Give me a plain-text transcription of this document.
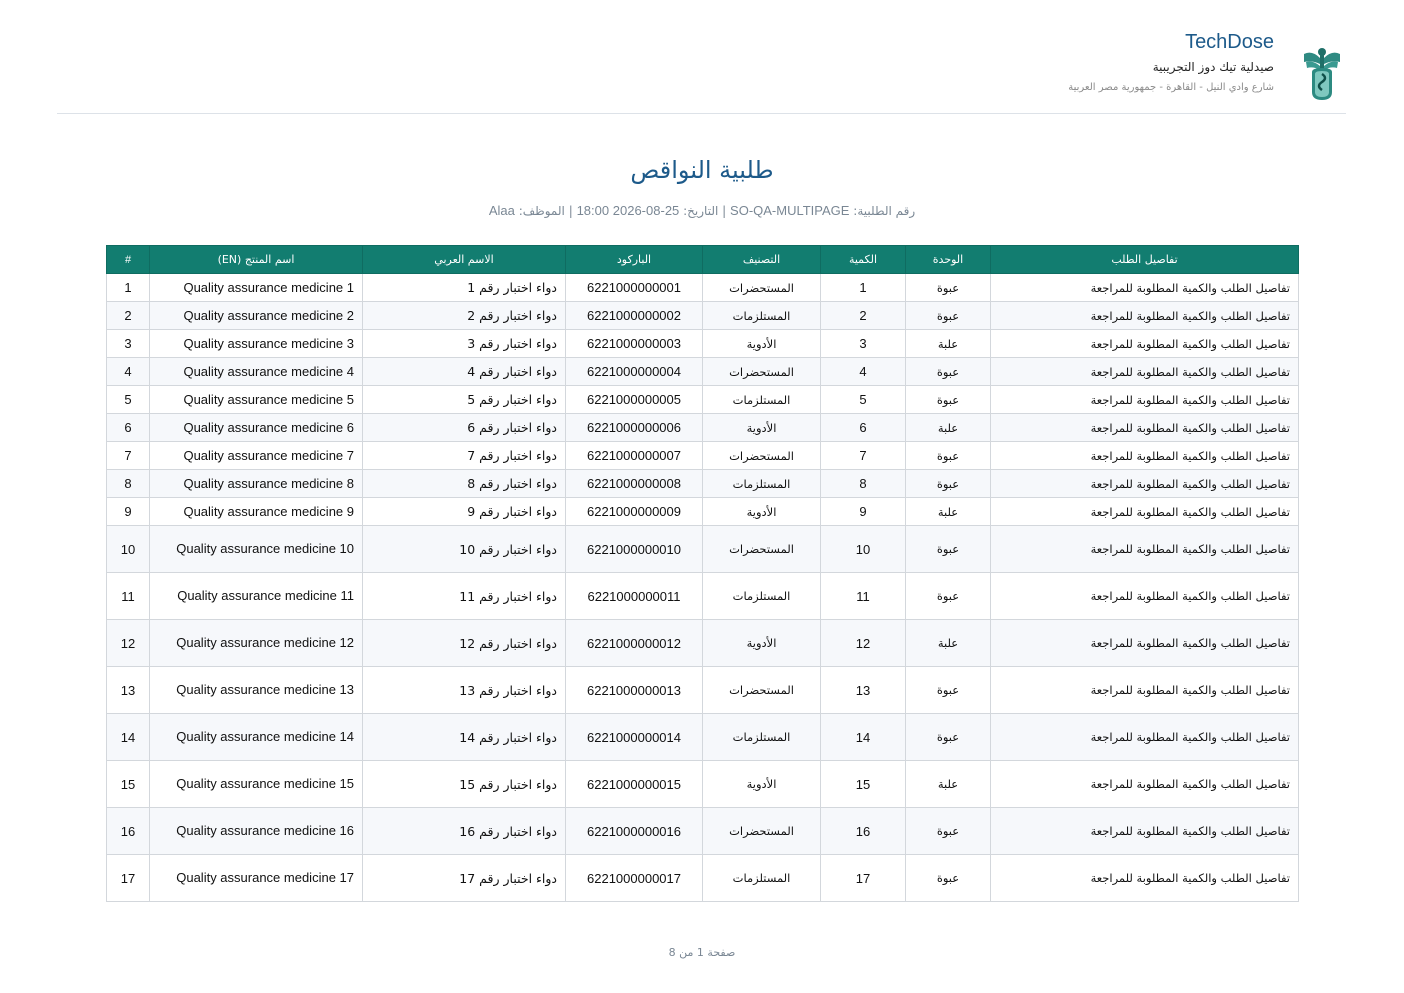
TechDose
صيدلية تيك دوز التجريبية
شارع وادي النيل - القاهرة - جمهورية مصر العربية
طلبية النواقص
رقم الطلبية: SO-QA-MULTIPAGE | التاريخ: 25-08-2026 18:00 | الموظف: Alaa
تفاصيل الطلب	الوحدة	الكمية	التصنيف	الباركود	الاسم العربي	اسم المنتج (EN)	#
تفاصيل الطلب والكمية المطلوبة للمراجعة	عبوة	1	المستحضرات	6221000000001	دواء اختبار رقم 1	Quality assurance medicine 1	1
تفاصيل الطلب والكمية المطلوبة للمراجعة	عبوة	2	المستلزمات	6221000000002	دواء اختبار رقم 2	Quality assurance medicine 2	2
تفاصيل الطلب والكمية المطلوبة للمراجعة	علبة	3	الأدوية	6221000000003	دواء اختبار رقم 3	Quality assurance medicine 3	3
تفاصيل الطلب والكمية المطلوبة للمراجعة	عبوة	4	المستحضرات	6221000000004	دواء اختبار رقم 4	Quality assurance medicine 4	4
تفاصيل الطلب والكمية المطلوبة للمراجعة	عبوة	5	المستلزمات	6221000000005	دواء اختبار رقم 5	Quality assurance medicine 5	5
تفاصيل الطلب والكمية المطلوبة للمراجعة	علبة	6	الأدوية	6221000000006	دواء اختبار رقم 6	Quality assurance medicine 6	6
تفاصيل الطلب والكمية المطلوبة للمراجعة	عبوة	7	المستحضرات	6221000000007	دواء اختبار رقم 7	Quality assurance medicine 7	7
تفاصيل الطلب والكمية المطلوبة للمراجعة	عبوة	8	المستلزمات	6221000000008	دواء اختبار رقم 8	Quality assurance medicine 8	8
تفاصيل الطلب والكمية المطلوبة للمراجعة	علبة	9	الأدوية	6221000000009	دواء اختبار رقم 9	Quality assurance medicine 9	9
تفاصيل الطلب والكمية المطلوبة للمراجعة	عبوة	10	المستحضرات	6221000000010	دواء اختبار رقم 10	Quality assurance medicine 10	10
تفاصيل الطلب والكمية المطلوبة للمراجعة	عبوة	11	المستلزمات	6221000000011	دواء اختبار رقم 11	Quality assurance medicine 11	11
تفاصيل الطلب والكمية المطلوبة للمراجعة	علبة	12	الأدوية	6221000000012	دواء اختبار رقم 12	Quality assurance medicine 12	12
تفاصيل الطلب والكمية المطلوبة للمراجعة	عبوة	13	المستحضرات	6221000000013	دواء اختبار رقم 13	Quality assurance medicine 13	13
تفاصيل الطلب والكمية المطلوبة للمراجعة	عبوة	14	المستلزمات	6221000000014	دواء اختبار رقم 14	Quality assurance medicine 14	14
تفاصيل الطلب والكمية المطلوبة للمراجعة	علبة	15	الأدوية	6221000000015	دواء اختبار رقم 15	Quality assurance medicine 15	15
تفاصيل الطلب والكمية المطلوبة للمراجعة	عبوة	16	المستحضرات	6221000000016	دواء اختبار رقم 16	Quality assurance medicine 16	16
تفاصيل الطلب والكمية المطلوبة للمراجعة	عبوة	17	المستلزمات	6221000000017	دواء اختبار رقم 17	Quality assurance medicine 17	17
صفحة 1 من 8
